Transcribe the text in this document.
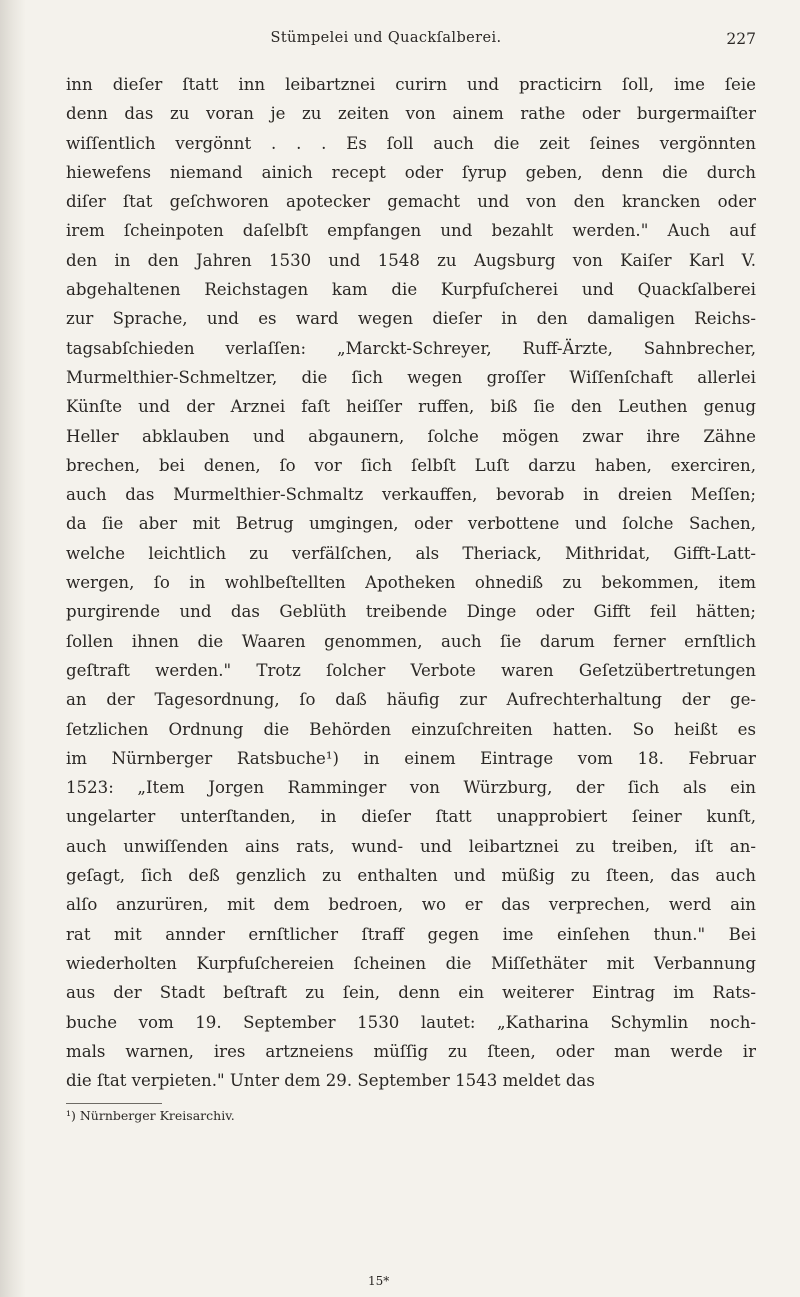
Stümpelei und Quackſalberei.	227
inn dieſer ſtatt inn leibartznei curirn und practicirn ſoll, ime ſeie
denn das zu voran je zu zeiten von ainem rathe oder burgermaiſter
wiſſentlich vergönnt . . . Es ſoll auch die zeit ſeines vergönnten
hiewefens niemand ainich recept oder ſyrup geben, denn die durch
diſer ſtat geſchworen apotecker gemacht und von den krancken oder
irem ſcheinpoten daſelbſt empfangen und bezahlt werden." Auch auf
den in den Jahren 1530 und 1548 zu Augsburg von Kaiſer Karl V.
abgehaltenen Reichstagen kam die Kurpfuſcherei und Quackſalberei
zur Sprache, und es ward wegen dieſer in den damaligen Reichs-
tagsabſchieden verlaſſen: „Marckt-Schreyer, Ruff-Ärzte, Sahnbrecher,
Murmelthier-Schmeltzer, die ſich wegen groſſer Wiſſenſchaft allerlei
Künſte und der Arznei faſt heiſſer ruffen, biß ſie den Leuthen genug
Heller abklauben und abgaunern, ſolche mögen zwar ihre Zähne
brechen, bei denen, ſo vor ſich ſelbſt Luſt darzu haben, exerciren,
auch das Murmelthier-Schmaltz verkauffen, bevorab in dreien Meſſen;
da ſie aber mit Betrug umgingen, oder verbottene und ſolche Sachen,
welche leichtlich zu verfälſchen, als Theriack, Mithridat, Gifft-Latt-
wergen, ſo in wohlbeſtellten Apotheken ohnediß zu bekommen, item
purgirende und das Geblüth treibende Dinge oder Gifft feil hätten;
ſollen ihnen die Waaren genommen, auch ſie darum ferner ernſtlich
geſtraft werden." Trotz ſolcher Verbote waren Geſetzübertretungen
an der Tagesordnung, ſo daß häufig zur Aufrechterhaltung der ge-
ſetzlichen Ordnung die Behörden einzuſchreiten hatten. So heißt es
im Nürnberger Ratsbuche¹) in einem Eintrage vom 18. Februar
1523: „Item Jorgen Ramminger von Würzburg, der ſich als ein
ungelarter unterſtanden, in dieſer ſtatt unapprobiert ſeiner kunſt,
auch unwiſſenden ains rats, wund- und leibartznei zu treiben, iſt an-
geſagt, ſich deß genzlich zu enthalten und müßig zu ſteen, das auch
alſo anzurüren, mit dem bedroen, wo er das verprechen, werd ain
rat mit annder ernſtlicher ſtraff gegen ime einſehen thun." Bei
wiederholten Kurpfuſchereien ſcheinen die Miſſethäter mit Verbannung
aus der Stadt beſtraft zu ſein, denn ein weiterer Eintrag im Rats-
buche vom 19. September 1530 lautet: „Katharina Schymlin noch-
mals warnen, ires artzneiens müſſig zu ſteen, oder man werde ir
die ſtat verpieten." Unter dem 29. September 1543 meldet das
¹) Nürnberger Kreisarchiv.
15*
